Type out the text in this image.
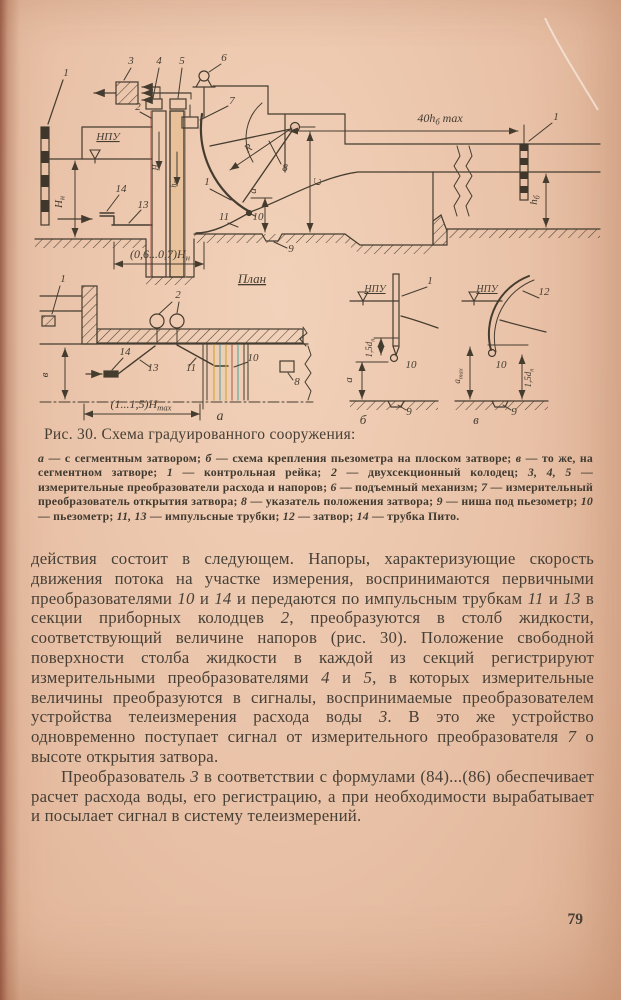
1
3 4 5	6
7
2
НПУ
$H_н$
14
13
R
8
C
a
1
11 10
9
$(0,6...0,7)H_н$
$40h_б$ max	1
$h_б$
$H_н$
$h_б$
План
1
2
в
14
13 11
10
8
$(1...1,5)H_{max}$
а
НПУ
1
$1,5d_п$
10
a
9
б
НПУ	12
10
$a_{max}$	$1,5d_п$
9
в

Рис. 30. Схема градуированного сооружения:

а — с сегментным затвором; б — схема крепления пьезометра на плоском затворе; в — то же, на сегментном затворе; 1 — контрольная рейка; 2 — двухсекционный колодец; 3, 4, 5 — измерительные преобразователи расхода и напоров; 6 — подъемный механизм; 7 — измерительный преобразователь открытия затвора; 8 — указатель положения затвора; 9 — ниша под пьезометр; 10 — пьезометр; 11, 13 — импульсные трубки; 12 — затвор; 14 — трубка Пито.

действия состоит в следующем. Напоры, характеризующие скорость движения потока на участке измерения, воспринимаются первичными преобразователями 10 и 14 и передаются по импульсным трубкам 11 и 13 в секции приборных колодцев 2, преобразуются в столб жидкости, соответствующий величине напоров (рис. 30). Положение свободной поверхности столба жидкости в каждой из секций регистрируют измерительными преобразователями 4 и 5, в которых измерительные величины преобразуются в сигналы, воспринимаемые преобразователем устройства телеизмерения расхода воды 3. В это же устройство одновременно поступает сигнал от измерительного преобразователя 7 о высоте открытия затвора.

Преобразователь 3 в соответствии с формулами (84)...(86) обеспечивает расчет расхода воды, его регистрацию, а при необходимости вырабатывает и посылает сигнал в систему телеизмерений.

79
